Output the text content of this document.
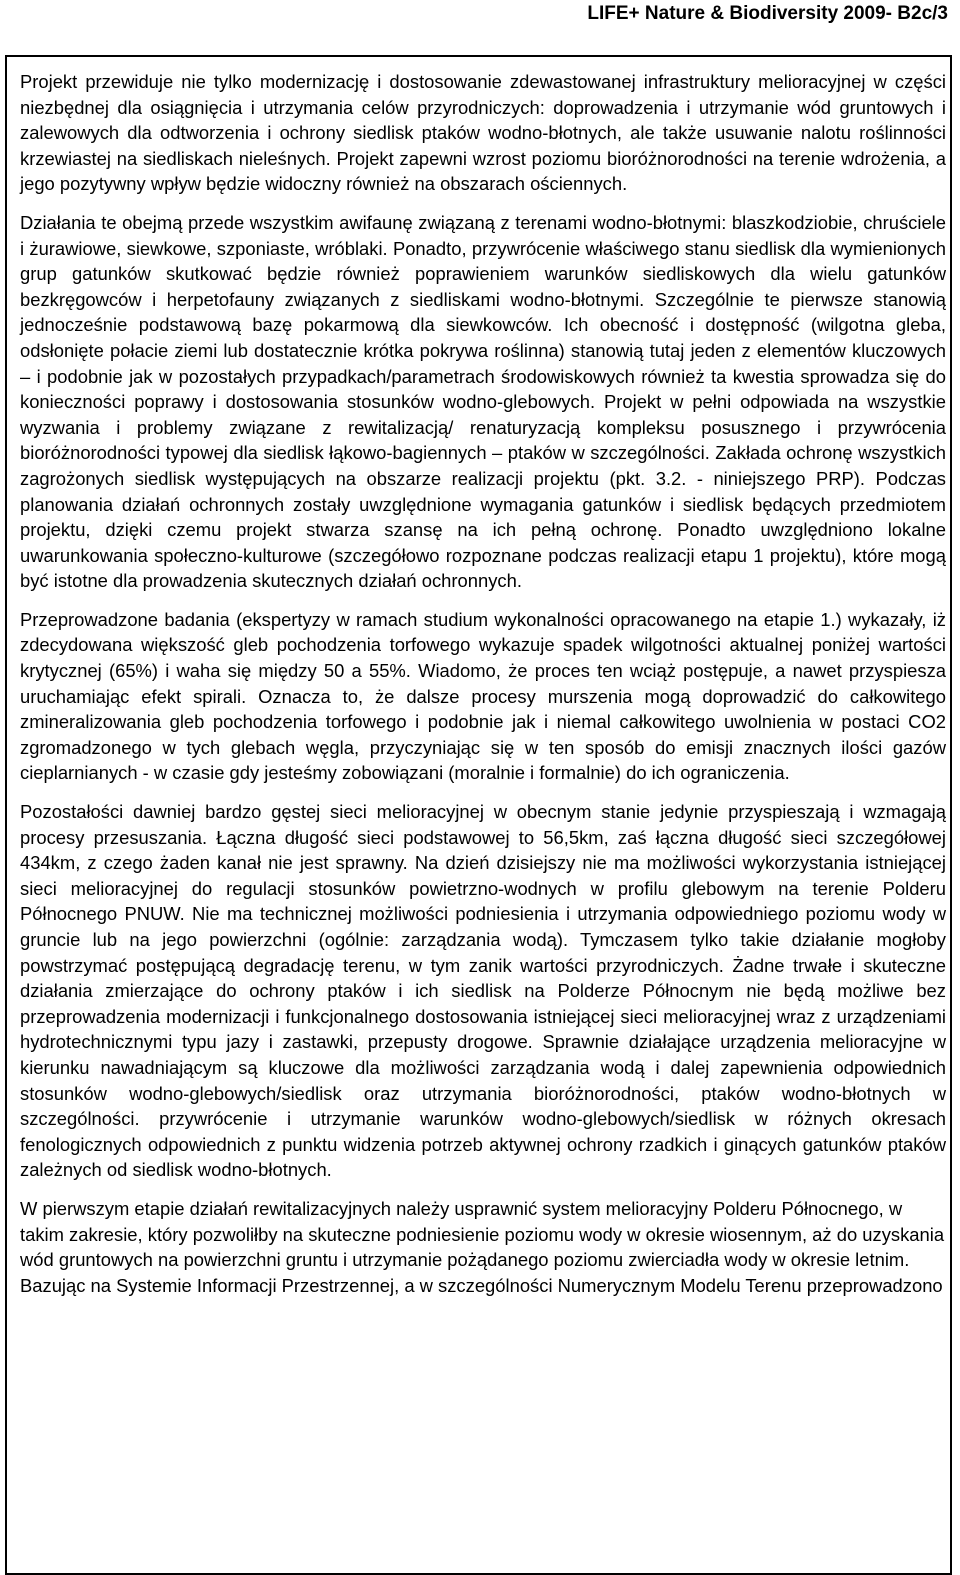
LIFE+ Nature & Biodiversity 2009- B2c/3

Projekt przewiduje nie tylko modernizację i dostosowanie zdewastowanej infrastruktury melioracyjnej w części niezbędnej dla osiągnięcia i utrzymania celów przyrodniczych: doprowadzenia i utrzymanie wód gruntowych i zalewowych dla odtworzenia i ochrony siedlisk ptaków wodno-błotnych, ale także usuwanie nalotu roślinności krzewiastej na siedliskach nieleśnych. Projekt zapewni wzrost poziomu bioróżnorodności na terenie wdrożenia, a jego pozytywny wpływ będzie widoczny również na obszarach ościennych.

Działania te obejmą przede wszystkim awifaunę związaną z terenami wodno-błotnymi: blaszkodziobie, chruściele i żurawiowe, siewkowe, szponiaste, wróblaki. Ponadto, przywrócenie właściwego stanu siedlisk dla wymienionych grup gatunków skutkować będzie również poprawieniem warunków siedliskowych dla wielu gatunków bezkręgowców i herpetofauny związanych z siedliskami wodno-błotnymi. Szczególnie te pierwsze stanowią jednocześnie podstawową bazę pokarmową dla siewkowców. Ich obecność i dostępność (wilgotna gleba, odsłonięte połacie ziemi lub dostatecznie krótka pokrywa roślinna) stanowią tutaj jeden z elementów kluczowych – i podobnie jak w pozostałych przypadkach/parametrach środowiskowych również ta kwestia sprowadza się do konieczności poprawy i dostosowania stosunków wodno-glebowych. Projekt w pełni odpowiada na wszystkie wyzwania i problemy związane z rewitalizacją/ renaturyzacją kompleksu posusznego i przywrócenia bioróżnorodności typowej dla siedlisk łąkowo-bagiennych – ptaków w szczególności. Zakłada ochronę wszystkich zagrożonych siedlisk występujących na obszarze realizacji projektu (pkt. 3.2. - niniejszego PRP). Podczas planowania działań ochronnych zostały uwzględnione wymagania gatunków i siedlisk będących przedmiotem projektu, dzięki czemu projekt stwarza szansę na ich pełną ochronę. Ponadto uwzględniono lokalne uwarunkowania społeczno-kulturowe (szczegółowo rozpoznane podczas realizacji etapu 1 projektu), które mogą być istotne dla prowadzenia skutecznych działań ochronnych.

Przeprowadzone badania (ekspertyzy w ramach studium wykonalności opracowanego na etapie 1.) wykazały, iż zdecydowana większość gleb pochodzenia torfowego wykazuje spadek wilgotności aktualnej poniżej wartości krytycznej (65%) i waha się między 50 a 55%. Wiadomo, że proces ten wciąż postępuje, a nawet przyspiesza uruchamiając efekt spirali. Oznacza to, że dalsze procesy murszenia mogą doprowadzić do całkowitego zmineralizowania gleb pochodzenia torfowego i podobnie jak i niemal całkowitego uwolnienia w postaci CO2 zgromadzonego w tych glebach węgla, przyczyniając się w ten sposób do emisji znacznych ilości gazów cieplarnianych - w czasie gdy jesteśmy zobowiązani (moralnie i formalnie) do ich ograniczenia.

Pozostałości dawniej bardzo gęstej sieci melioracyjnej w obecnym stanie jedynie przyspieszają i wzmagają procesy przesuszania. Łączna długość sieci podstawowej to 56,5km, zaś łączna długość sieci szczegółowej 434km, z czego żaden kanał nie jest sprawny. Na dzień dzisiejszy nie ma możliwości wykorzystania istniejącej sieci melioracyjnej do regulacji stosunków powietrzno-wodnych w profilu glebowym na terenie Polderu Północnego PNUW. Nie ma technicznej możliwości podniesienia i utrzymania odpowiedniego poziomu wody w gruncie lub na jego powierzchni (ogólnie: zarządzania wodą). Tymczasem tylko takie działanie mogłoby powstrzymać postępującą degradację terenu, w tym zanik wartości przyrodniczych. Żadne trwałe i skuteczne działania zmierzające do ochrony ptaków i ich siedlisk na Polderze Północnym nie będą możliwe bez przeprowadzenia modernizacji i funkcjonalnego dostosowania istniejącej sieci melioracyjnej wraz z urządzeniami hydrotechnicznymi typu jazy i zastawki, przepusty drogowe. Sprawnie działające urządzenia melioracyjne w kierunku nawadniającym są kluczowe dla możliwości zarządzania wodą i dalej zapewnienia odpowiednich stosunków wodno-glebowych/siedlisk oraz utrzymania bioróżnorodności, ptaków wodno-błotnych w szczególności. przywrócenie i utrzymanie warunków wodno-glebowych/siedlisk w różnych okresach fenologicznych odpowiednich z punktu widzenia potrzeb aktywnej ochrony rzadkich i ginących gatunków ptaków zależnych od siedlisk wodno-błotnych.

W pierwszym etapie działań rewitalizacyjnych należy usprawnić system melioracyjny Polderu Północnego, w takim zakresie, który pozwoliłby na skuteczne podniesienie poziomu wody w okresie wiosennym, aż do uzyskania wód gruntowych na powierzchni gruntu i utrzymanie pożądanego poziomu zwierciadła wody w okresie letnim. Bazując na Systemie Informacji Przestrzennej, a w szczególności Numerycznym Modelu Terenu przeprowadzono
